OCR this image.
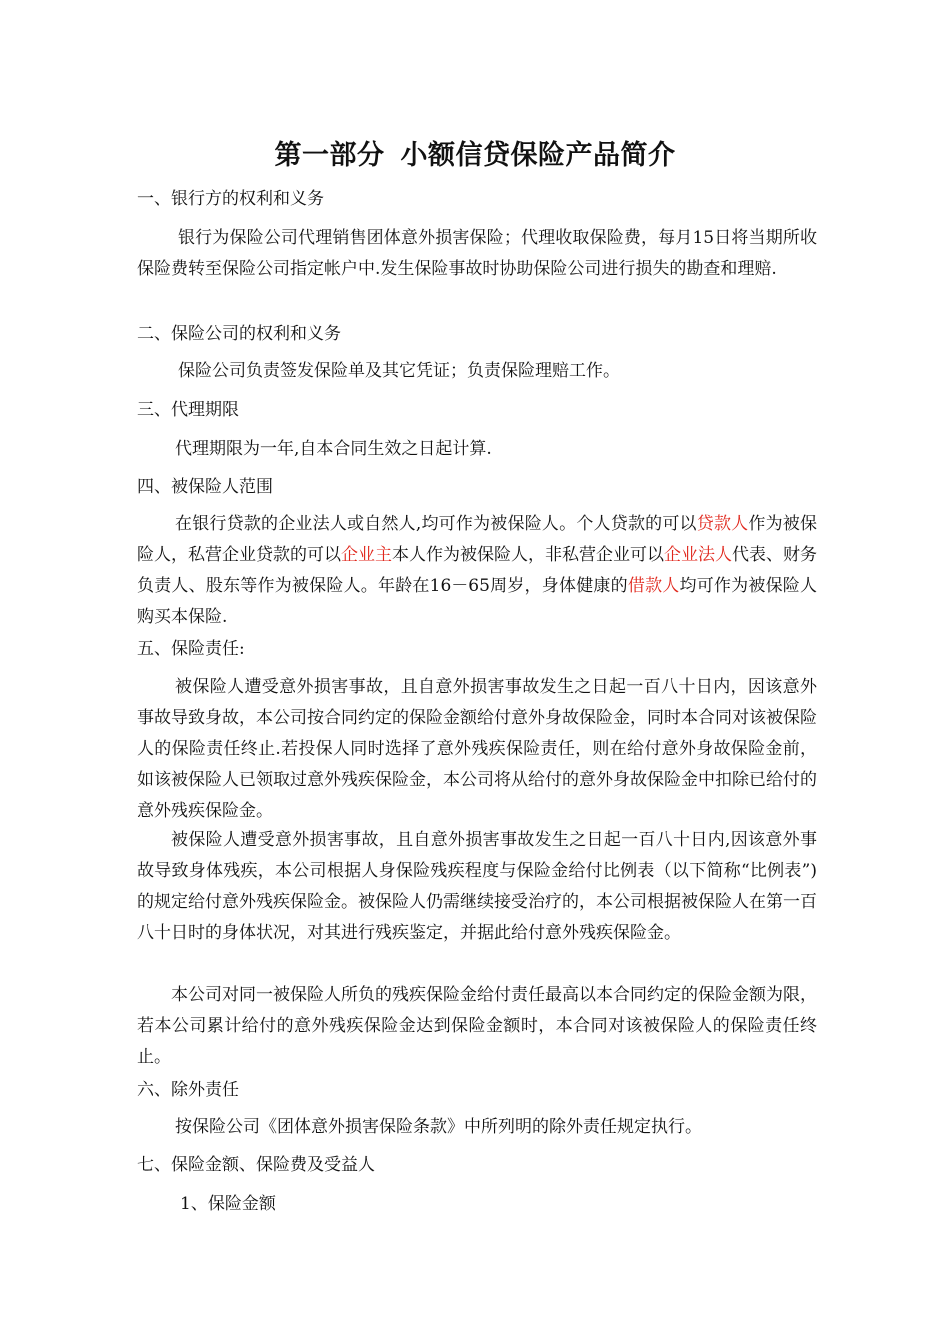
第一部分 小额信贷保险产品简介

一、银行方的权利和义务

银行为保险公司代理销售团体意外损害保险；代理收取保险费，每月15日将当期所收保险费转至保险公司指定帐户中.发生保险事故时协助保险公司进行损失的勘查和理赔.

二、保险公司的权利和义务

保险公司负责签发保险单及其它凭证；负责保险理赔工作。

三、代理期限

代理期限为一年,自本合同生效之日起计算.

四、被保险人范围

在银行贷款的企业法人或自然人,均可作为被保险人。个人贷款的可以贷款人作为被保险人，私营企业贷款的可以企业主本人作为被保险人，非私营企业可以企业法人代表、财务负责人、股东等作为被保险人。年龄在16－65周岁，身体健康的借款人均可作为被保险人购买本保险.

五、保险责任:

被保险人遭受意外损害事故，且自意外损害事故发生之日起一百八十日内，因该意外事故导致身故，本公司按合同约定的保险金额给付意外身故保险金，同时本合同对该被保险人的保险责任终止.若投保人同时选择了意外残疾保险责任，则在给付意外身故保险金前，如该被保险人已领取过意外残疾保险金，本公司将从给付的意外身故保险金中扣除已给付的意外残疾保险金。

被保险人遭受意外损害事故，且自意外损害事故发生之日起一百八十日内,因该意外事故导致身体残疾，本公司根据人身保险残疾程度与保险金给付比例表（以下简称“比例表”)的规定给付意外残疾保险金。被保险人仍需继续接受治疗的，本公司根据被保险人在第一百八十日时的身体状况，对其进行残疾鉴定，并据此给付意外残疾保险金。

本公司对同一被保险人所负的残疾保险金给付责任最高以本合同约定的保险金额为限，若本公司累计给付的意外残疾保险金达到保险金额时，本合同对该被保险人的保险责任终止。

六、除外责任

按保险公司《团体意外损害保险条款》中所列明的除外责任规定执行。

七、保险金额、保险费及受益人

1、保险金额
